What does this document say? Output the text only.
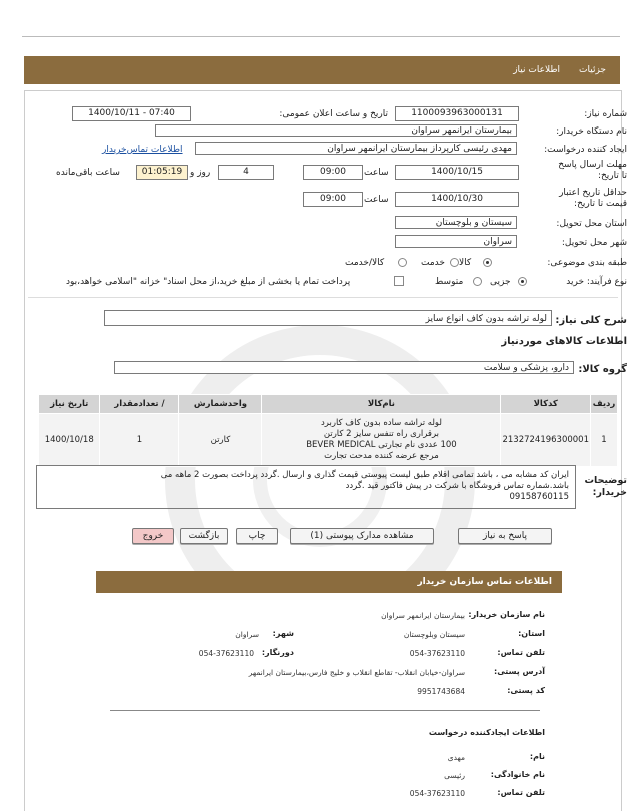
جزئیات
اطلاعات نیاز
شماره نیاز:
1100093963000131
تاریخ و ساعت اعلان عمومی:
1400/10/11 - 07:40
نام دستگاه خریدار:
بیمارستان ایرانمهر سراوان
ایجاد کننده درخواست:
مهدی رئیسی کارپرداز بیمارستان ایرانمهر سراوان
اطلاعات تماس‌خریدار
مهلت ارسال پاسخ تا تاریخ:
1400/10/15
ساعت
09:00
4
روز و
01:05:19
ساعت باقی‌مانده
حداقل تاریخ اعتبار قیمت تا تاریخ:
1400/10/30
ساعت
09:00
استان محل تحویل:
سیستان و بلوچستان
شهر محل تحویل:
سراوان
طبقه بندی موضوعی:
کالا
خدمت
کالا/خدمت
نوع فرآیند: خرید
جزیی
متوسط
پرداخت تمام یا بخشی از مبلغ خرید،از محل اسناد" خزانه "اسلامی خواهد،بود
شرح کلی نیاز:
لوله تراشه بدون کاف انواع سایز
اطلاعات کالاهای موردنیاز
گروه کالا:
دارو، پزشکی و سلامت
ردیف	کدکالا	نام‌کالا	واحدشمارش	/ تعدادمقدار	تاریخ نیاز
1	2132724196300001	لوله تراشه ساده بدون کاف کاربرد
برقراری راه تنفس سایز 2 کارتن
100 عددی نام تجارتی BEVER MEDICAL
مرجع عرضه کننده مدحت تجارت	کارتن	1	1400/10/18
توضیحات خریدار:
ایران کد مشابه می ، باشد تمامی اقلام طبق لیست پیوستی قیمت گذاری و ارسال .گردد پرداخت بصورت 2 ماهه می
باشد.شماره تماس فروشگاه با شرکت در پیش فاکتور قید .گردد
09158760115
پاسخ به نیاز
مشاهده مدارک پیوستی (1)
چاپ
بازگشت
خروج
اطلاعات تماس سازمان خریدار
نام سازمان خریدار:
بیمارستان ایرانمهر سراوان
استان:
سیستان وبلوچستان
شهر:
سراوان
تلفن تماس:
054-37623110
دورنگار:
054-37623110
آدرس پستی:
سراوان-خیابان انقلاب- تقاطع انقلاب و خلیج فارس،بیمارستان ایرانمهر
کد پستی:
9951743684
اطلاعات ایجادکننده درخواست
نام:
مهدی
نام خانوادگی:
رئیسی
تلفن تماس:
054-37623110
